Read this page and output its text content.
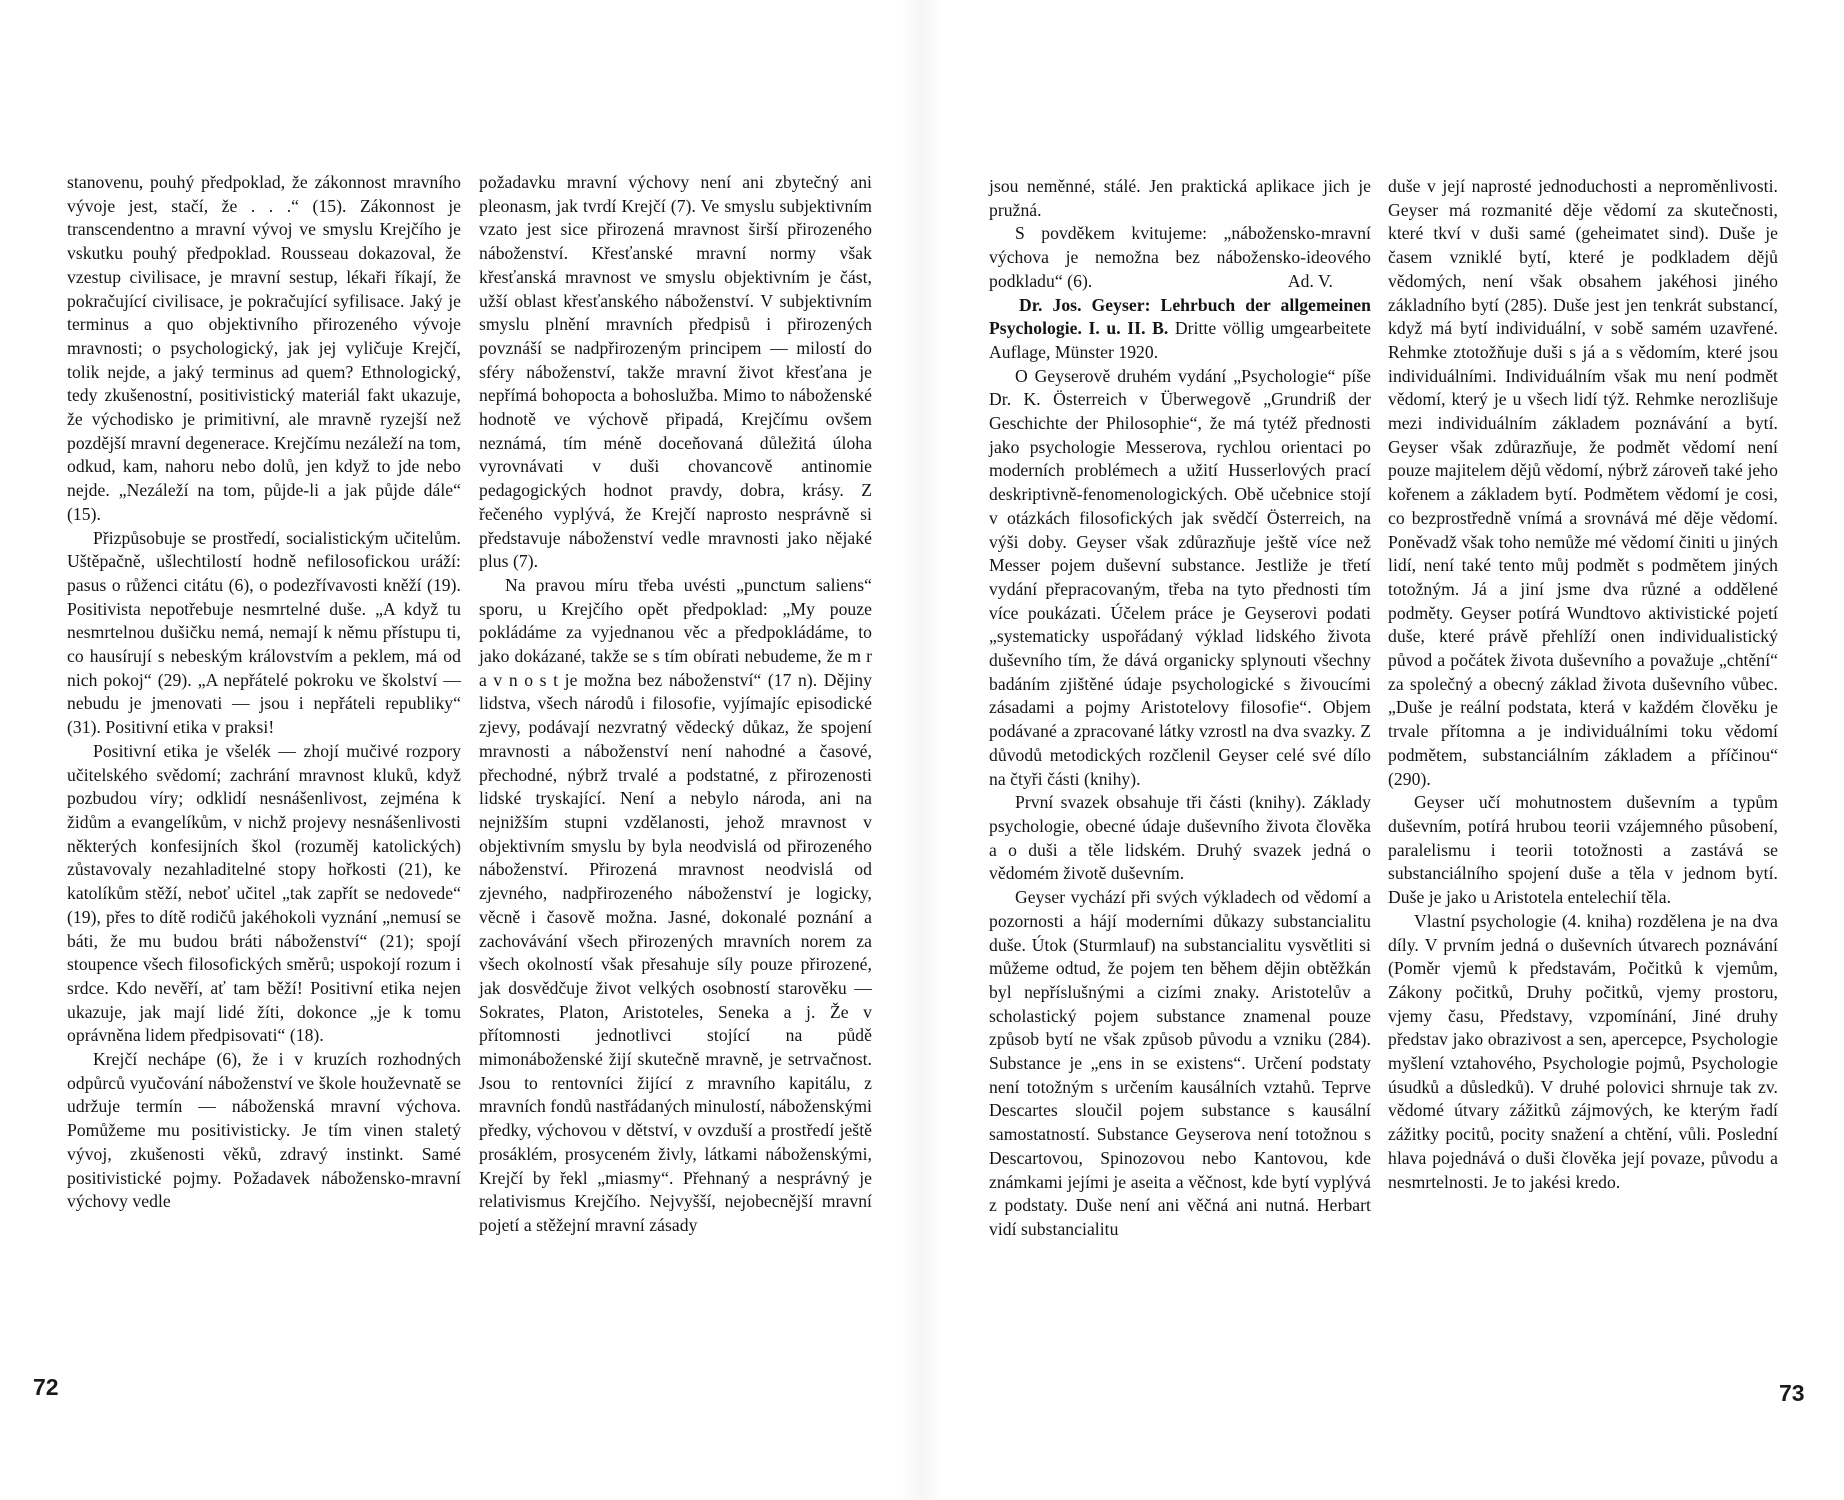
stanovenu, pouhý předpoklad, že zákonnost mravního vývoje jest, stačí, že . . .“ (15). Zákonnost je transcendentno a mravní vývoj ve smyslu Krejčího je vskutku pouhý předpoklad. Rousseau dokazoval, že vzestup civilisace, je mravní sestup, lékaři říkají, že pokračující civilisace, je pokračující syfilisace. Jaký je terminus a quo objektivního přirozeného vývoje mravnosti; o psychologický, jak jej vyličuje Krejčí, tolik nejde, a jaký terminus ad quem? Ethnologický, tedy zkušenostní, positivistický materiál fakt ukazuje, že východisko je primitivní, ale mravně ryzejší než pozdější mravní degenerace. Krejčímu nezáleží na tom, odkud, kam, nahoru nebo dolů, jen když to jde nebo nejde. „Nezáleží na tom, půjde-li a jak půjde dále“ (15).

Přizpůsobuje se prostředí, socialistickým učitelům. Uštěpačně, ušlechtilostí hodně nefilosofickou uráží: pasus o růženci citátu (6), o podezřívavosti kněží (19). Positivista nepotřebuje nesmrtelné duše. „A když tu nesmrtelnou dušičku nemá, nemají k němu přístupu ti, co hausírují s nebeským královstvím a peklem, má od nich pokoj“ (29). „A nepřátelé pokroku ve školství — nebudu je jmenovati — jsou i nepřáteli republiky“ (31). Positivní etika v praksi!

Positivní etika je všelék — zhojí mučivé rozpory učitelského svědomí; zachrání mravnost kluků, když pozbudou víry; odklidí nesnášenlivost, zejména k židům a evangelíkům, v nichž projevy nesnášenlivosti některých konfesijních škol (rozuměj katolických) zůstavovaly nezahladitelné stopy hořkosti (21), ke katolíkům stěží, neboť učitel „tak zapřít se nedovede“ (19), přes to dítě rodičů jakéhokoli vyznání „nemusí se báti, že mu budou bráti náboženství“ (21); spojí stoupence všech filosofických směrů; uspokojí rozum i srdce. Kdo nevěří, ať tam běží! Positivní etika nejen ukazuje, jak mají lidé žíti, dokonce „je k tomu oprávněna lidem předpisovati“ (18).

Krejčí nechápe (6), že i v kruzích rozhodných odpůrců vyučování náboženství ve škole houževnatě se udržuje termín — náboženská mravní výchova. Pomůžeme mu positivisticky. Je tím vinen staletý vývoj, zkušenosti věků, zdravý instinkt. Samé positivistické pojmy. Požadavek nábožensko-mravní výchovy vedle

požadavku mravní výchovy není ani zbytečný ani pleonasm, jak tvrdí Krejčí (7). Ve smyslu subjektivním vzato jest sice přirozená mravnost širší přirozeného náboženství. Křesťanské mravní normy však křesťanská mravnost ve smyslu objektivním je část, užší oblast křesťanského náboženství. V subjektivním smyslu plnění mravních předpisů i přirozených povznáší se nadpřirozeným principem — milostí do sféry náboženství, takže mravní život křesťana je nepřímá bohopocta a bohoslužba. Mimo to náboženské hodnotě ve výchově připadá, Krejčímu ovšem neznámá, tím méně doceňovaná důležitá úloha vyrovnávati v duši chovancově antinomie pedagogických hodnot pravdy, dobra, krásy. Z řečeného vyplývá, že Krejčí naprosto nesprávně si představuje náboženství vedle mravnosti jako nějaké plus (7).

Na pravou míru třeba uvésti „punctum saliens“ sporu, u Krejčího opět předpoklad: „My pouze pokládáme za vyjednanou věc a předpokládáme, to jako dokázané, takže se s tím obírati nebudeme, že m r a v n o s t je možna bez náboženství“ (17 n). Dějiny lidstva, všech národů i filosofie, vyjímajíc episodické zjevy, podávají nezvratný vědecký důkaz, že spojení mravnosti a náboženství není nahodné a časové, přechodné, nýbrž trvalé a podstatné, z přirozenosti lidské tryskající. Není a nebylo národa, ani na nejnižším stupni vzdělanosti, jehož mravnost v objektivním smyslu by byla neodvislá od přirozeného náboženství. Přirozená mravnost neodvislá od zjevného, nadpřirozeného náboženství je logicky, věcně i časově možna. Jasné, dokonalé poznání a zachovávání všech přirozených mravních norem za všech okolností však přesahuje síly pouze přirozené, jak dosvědčuje život velkých osobností starověku — Sokrates, Platon, Aristoteles, Seneka a j. Že v přítomnosti jednotlivci stojící na půdě mimonáboženské žijí skutečně mravně, je setrvačnost. Jsou to rentovníci žijící z mravního kapitálu, z mravních fondů nastřádaných minulostí, náboženskými předky, výchovou v dětství, v ovzduší a prostředí ještě prosáklém, prosyceném živly, látkami náboženskými, Krejčí by řekl „miasmy“. Přehnaný a nesprávný je relativismus Krejčího. Nejvyšší, nejobecnější mravní pojetí a stěžejní mravní zásady

72

jsou neměnné, stálé. Jen praktická aplikace jich je pružná.

S povděkem kvitujeme: „nábožensko-mravní výchova je nemožna bez nábožensko-ideového podkladu“ (6).	Ad. V.

Dr. Jos. Geyser: Lehrbuch der allgemeinen Psychologie. I. u. II. B. Dritte völlig umgearbeitete Auflage, Münster 1920.

O Geyserově druhém vydání „Psychologie“ píše Dr. K. Österreich v Überwegově „Grundriß der Geschichte der Philosophie“, že má tytéž přednosti jako psychologie Messerova, rychlou orientaci po moderních problémech a užití Husserlových prací deskriptivně-fenomenologických. Obě učebnice stojí v otázkách filosofických jak svědčí Österreich, na výši doby. Geyser však zdůrazňuje ještě více než Messer pojem duševní substance. Jestliže je třetí vydání přepracovaným, třeba na tyto přednosti tím více poukázati. Účelem práce je Geyserovi podati „systematicky uspořádaný výklad lidského života duševního tím, že dává organicky splynouti všechny badáním zjištěné údaje psychologické s živoucími zásadami a pojmy Aristotelovy filosofie“. Objem podávané a zpracované látky vzrostl na dva svazky. Z důvodů metodických rozčlenil Geyser celé své dílo na čtyři části (knihy).

První svazek obsahuje tři části (knihy). Základy psychologie, obecné údaje duševního života člověka a o duši a těle lidském. Druhý svazek jedná o vědomém životě duševním.

Geyser vychází při svých výkladech od vědomí a pozornosti a hájí moderními důkazy substancialitu duše. Útok (Sturmlauf) na substancialitu vysvětliti si můžeme odtud, že pojem ten během dějin obtěžkán byl nepříslušnými a cizími znaky. Aristotelův a scholastický pojem substance znamenal pouze způsob bytí ne však způsob původu a vzniku (284). Substance je „ens in se existens“. Určení podstaty není totožným s určením kausálních vztahů. Teprve Descartes sloučil pojem substance s kausální samostatností. Substance Geyserova není totožnou s Descartovou, Spinozovou nebo Kantovou, kde známkami jejími je aseita a věčnost, kde bytí vyplývá z podstaty. Duše není ani věčná ani nutná. Herbart vidí substancialitu

duše v její naprosté jednoduchosti a neproměnlivosti. Geyser má rozmanité děje vědomí za skutečnosti, které tkví v duši samé (geheimatet sind). Duše je časem vzniklé bytí, které je podkladem dějů vědomých, není však obsahem jakéhosi jiného základního bytí (285). Duše jest jen tenkrát substancí, když má bytí individuální, v sobě samém uzavřené. Rehmke ztotožňuje duši s já a s vědomím, které jsou individuálními. Individuálním však mu není podmět vědomí, který je u všech lidí týž. Rehmke nerozlišuje mezi individuálním základem poznávání a bytí. Geyser však zdůrazňuje, že podmět vědomí není pouze majitelem dějů vědomí, nýbrž zároveň také jeho kořenem a základem bytí. Podmětem vědomí je cosi, co bezprostředně vnímá a srovnává mé děje vědomí. Poněvadž však toho nemůže mé vědomí činiti u jiných lidí, není také tento můj podmět s podmětem jiných totožným. Já a jiní jsme dva různé a oddělené podměty. Geyser potírá Wundtovo aktivistické pojetí duše, které právě přehlíží onen individualistický původ a počátek života duševního a považuje „chtění“ za společný a obecný základ života duševního vůbec. „Duše je reální podstata, která v každém člověku je trvale přítomna a je individuálními toku vědomí podmětem, substanciálním základem a příčinou“ (290).

Geyser učí mohutnostem duševním a typům duševním, potírá hrubou teorii vzájemného působení, paralelismu i teorii totožnosti a zastává se substanciálního spojení duše a těla v jednom bytí. Duše je jako u Aristotela entelechií těla.

Vlastní psychologie (4. kniha) rozdělena je na dva díly. V prvním jedná o duševních útvarech poznávání (Poměr vjemů k představám, Počitků k vjemům, Zákony počitků, Druhy počitků, vjemy prostoru, vjemy času, Představy, vzpomínání, Jiné druhy představ jako obrazivost a sen, apercepce, Psychologie myšlení vztahového, Psychologie pojmů, Psychologie úsudků a důsledků). V druhé polovici shrnuje tak zv. vědomé útvary zážitků zájmových, ke kterým řadí zážitky pocitů, pocity snažení a chtění, vůli. Poslední hlava pojednává o duši člověka její povaze, původu a nesmrtelnosti. Je to jakési kredo.

73
